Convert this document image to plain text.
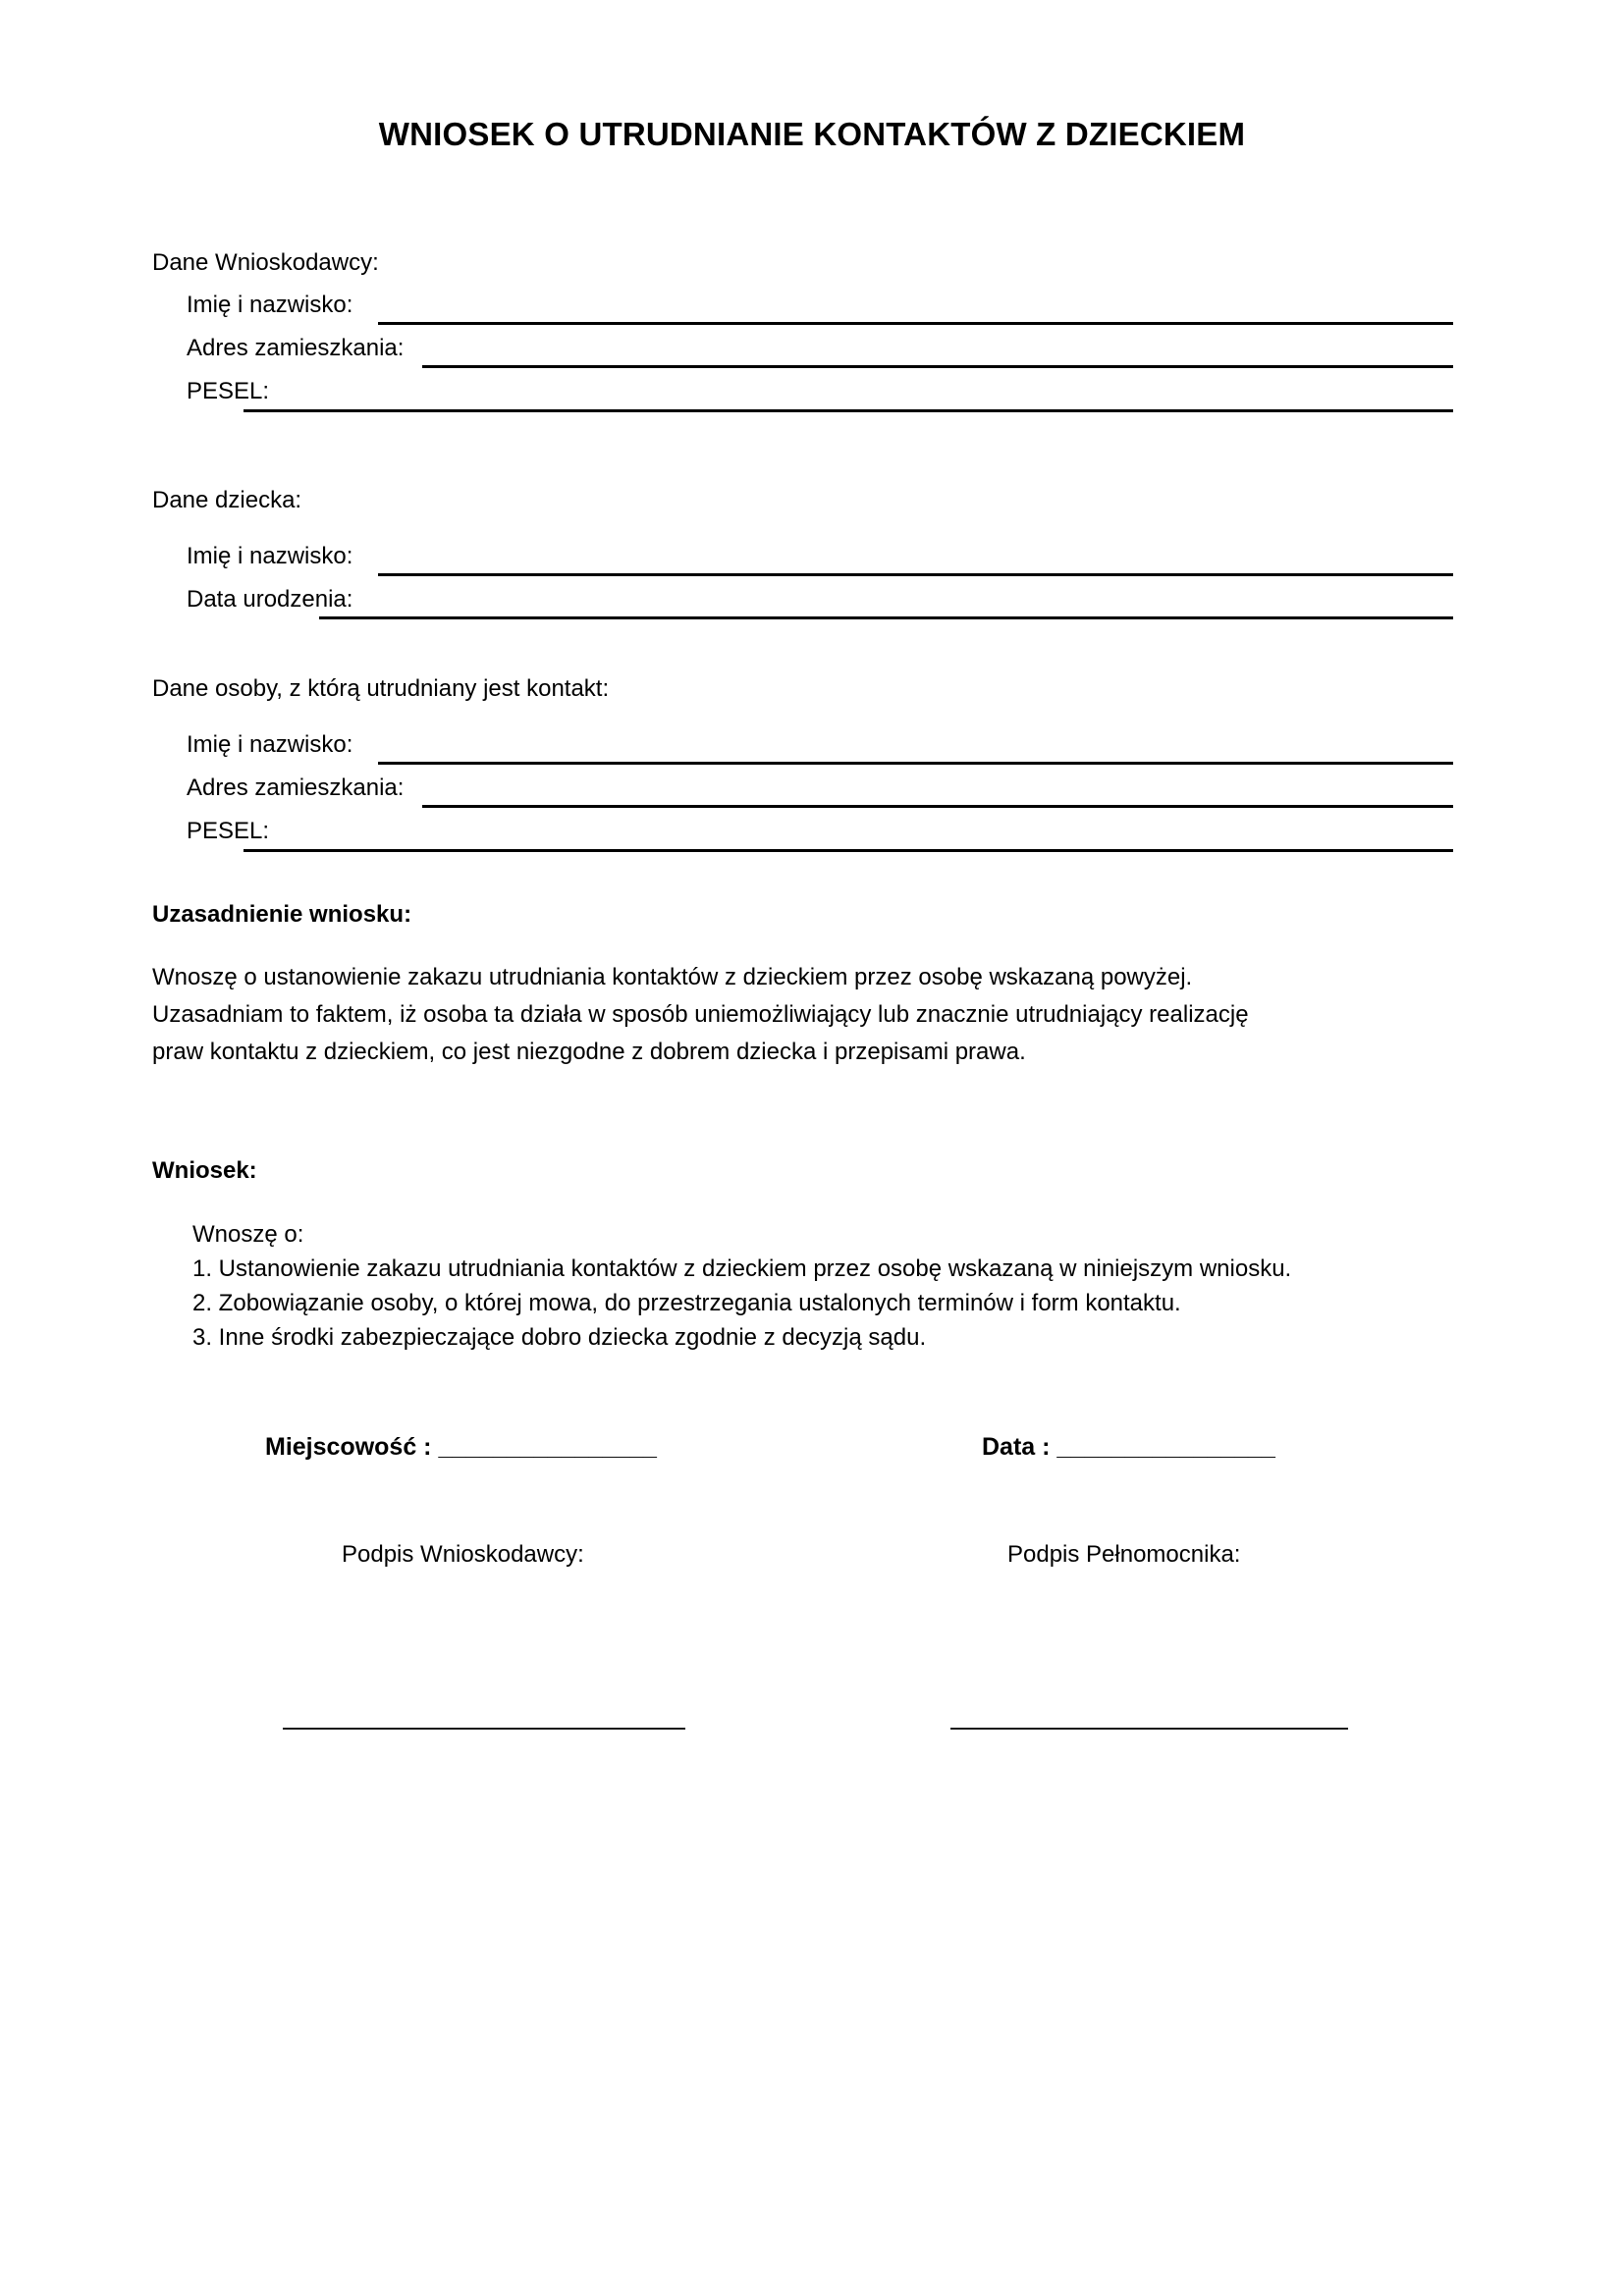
WNIOSEK O UTRUDNIANIE KONTAKTÓW Z DZIECKIEM
Dane Wnioskodawcy:
Imię i nazwisko:
Adres zamieszkania:
PESEL:
Dane dziecka:
Imię i nazwisko:
Data urodzenia:
Dane osoby, z którą utrudniany jest kontakt:
Imię i nazwisko:
Adres zamieszkania:
PESEL:
Uzasadnienie wniosku:
Wnoszę o ustanowienie zakazu utrudniania kontaktów z dzieckiem przez osobę wskazaną powyżej.
Uzasadniam to faktem, iż osoba ta działa w sposób uniemożliwiający lub znacznie utrudniający realizację
praw kontaktu z dzieckiem, co jest niezgodne z dobrem dziecka i przepisami prawa.
Wniosek:
Wnoszę o:
1. Ustanowienie zakazu utrudniania kontaktów z dzieckiem przez osobę wskazaną w niniejszym wniosku.
2. Zobowiązanie osoby, o której mowa, do przestrzegania ustalonych terminów i form kontaktu.
3. Inne środki zabezpieczające dobro dziecka zgodnie z decyzją sądu.
Miejscowość : ________________	Data : ________________
Podpis Wnioskodawcy:	Podpis Pełnomocnika:
